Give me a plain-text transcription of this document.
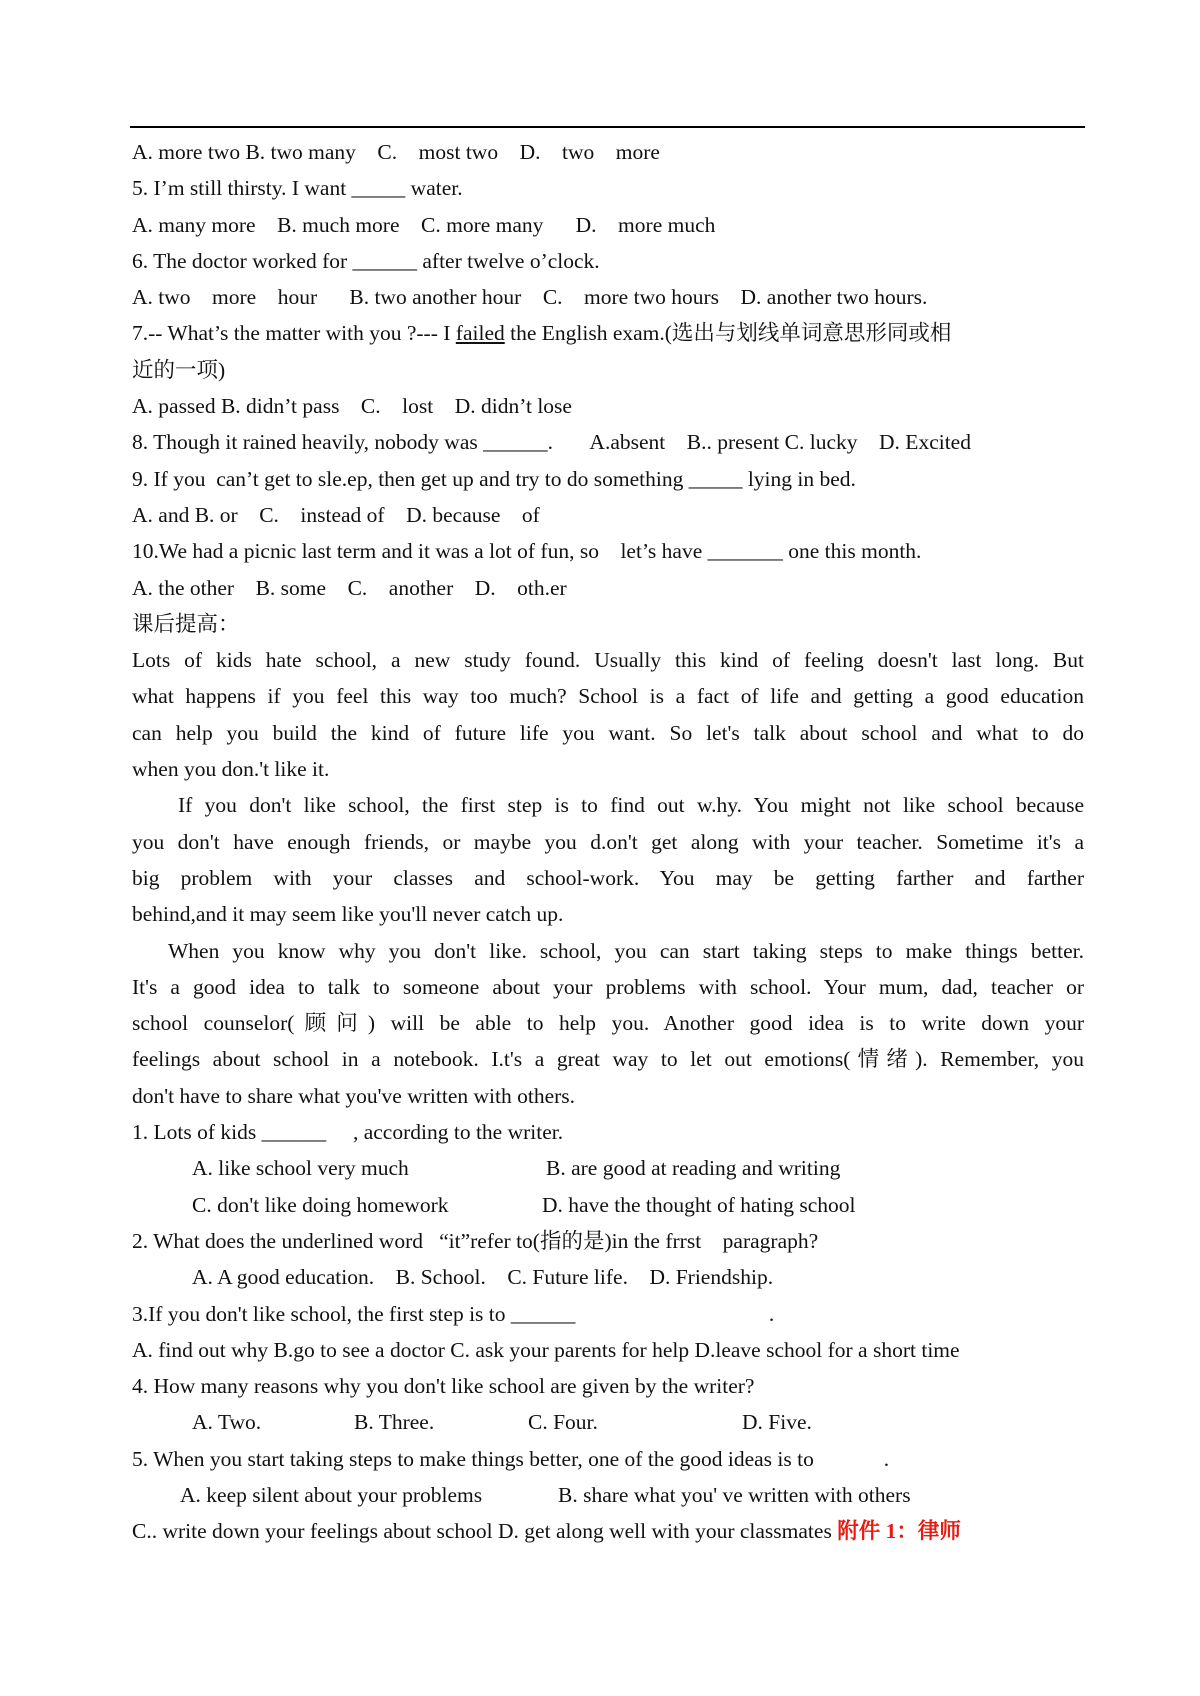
A. more two B. two many    C.    most two    D.    two    more
5. I’m still thirsty. I want _____ water.
A. many more    B. much more    C. more many      D.    more much
6. The doctor worked for ______ after twelve o’clock.
A. two    more    hour      B. two another hour    C.    more two hours    D. another two hours.
7.-- What’s the matter with you ?--- I failed the English exam.(选出与划线单词意思形同或相
近的一项)
A. passed B. didn’t pass    C.    lost    D. didn’t lose
8. Though it rained heavily, nobody was ______.       A.absent    B.. present C. lucky    D. Excited
9. If you  can’t get to sle.ep, then get up and try to do something _____ lying in bed.
A. and B. or    C.    instead of    D. because    of
10.We had a picnic last term and it was a lot of fun, so    let’s have _______ one this month.
A. the other    B. some    C.    another    D.    oth.er
课后提高：
Lots of kids hate school, a new study found. Usually this kind of feeling doesn't last long. But
what happens if you feel this way too much? School is a fact of life and getting a good education
can help you build the kind of future life you want. So let's talk about school and what to do
when you don.'t like it.
If you don't like school, the first step is to find out w.hy. You might not like school because
you don't have enough friends, or maybe you d.on't get along with your teacher. Sometime it's a
big problem with your classes and school-work. You may be getting farther and farther
behind,and it may seem like you'll never catch up.
When you know why you don't like. school, you can start taking steps to make things better.
It's a good idea to talk to someone about your problems with school. Your mum, dad, teacher or
school counselor(顾问) will be able to help you. Another good idea is to write down your
feelings about school in a notebook. I.t's a great way to let out emotions(情绪). Remember, you
don't have to share what you've written with others.
1. Lots of kids ______     , according to the writer.

A. like school very much

	B. are good at reading and writing

C. don't like doing homework

	D. have the thought of hating school

2. What does the underlined word   “it”refer to(指的是)in the frrst    paragraph?
A. A good education.    B. School.    C. Future life.    D. Friendship.
3.If you don't like school, the first step is to ______                                    .
A. find out why B.go to see a doctor C. ask your parents for help D.leave school for a short time
4. How many reasons why you don't like school are given by the writer?

A. Two.

	B. Three.

	C. Four.

	D. Five.

5. When you start taking steps to make things better, one of the good ideas is to             .

A. keep silent about your problems

	B. share what you' ve written with others

C.. write down your feelings about school D. get along well with your classmates 附件 1：律师
